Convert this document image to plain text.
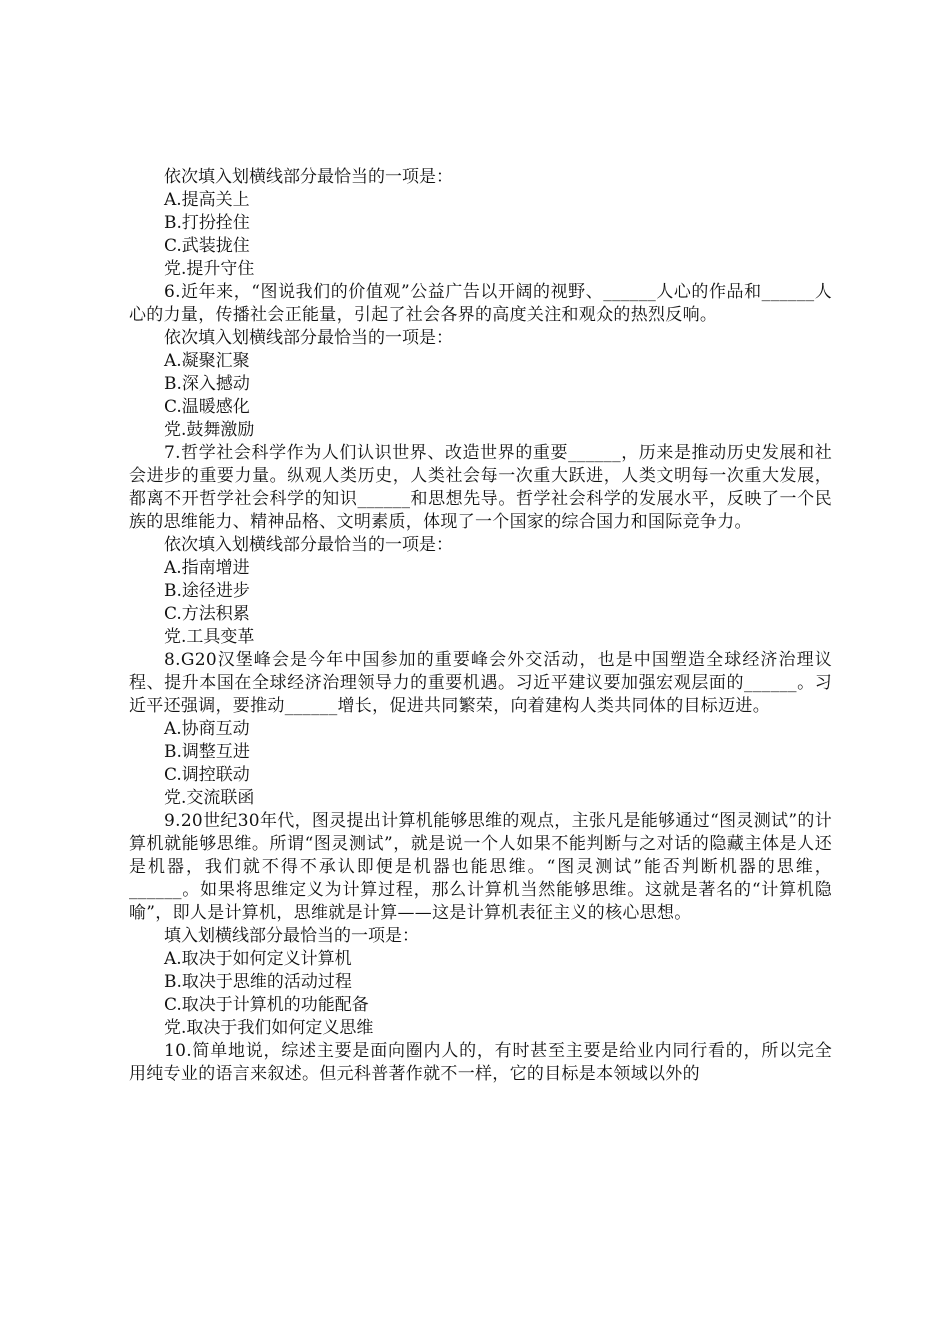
依次填入划横线部分最恰当的一项是：

A.提高关上

B.打扮拴住

C.武装拢住

党.提升守住

6.近年来，“图说我们的价值观”公益广告以开阔的视野、______人心的作品和______人心的力量，传播社会正能量，引起了社会各界的高度关注和观众的热烈反响。

依次填入划横线部分最恰当的一项是：

A.凝聚汇聚

B.深入撼动

C.温暖感化

党.鼓舞激励

7.哲学社会科学作为人们认识世界、改造世界的重要______，历来是推动历史发展和社会进步的重要力量。纵观人类历史，人类社会每一次重大跃进，人类文明每一次重大发展，都离不开哲学社会科学的知识______和思想先导。哲学社会科学的发展水平，反映了一个民族的思维能力、精神品格、文明素质，体现了一个国家的综合国力和国际竞争力。

依次填入划横线部分最恰当的一项是：

A.指南增进

B.途径进步

C.方法积累

党.工具变革

8.G20汉堡峰会是今年中国参加的重要峰会外交活动，也是中国塑造全球经济治理议程、提升本国在全球经济治理领导力的重要机遇。习近平建议要加强宏观层面的______。习近平还强调，要推动______增长，促进共同繁荣，向着建构人类共同体的目标迈进。

A.协商互动

B.调整互进

C.调控联动

党.交流联函

9.20世纪30年代，图灵提出计算机能够思维的观点，主张凡是能够通过“图灵测试”的计算机就能够思维。所谓“图灵测试”，就是说一个人如果不能判断与之对话的隐藏主体是人还是机器，我们就不得不承认即便是机器也能思维。“图灵测试”能否判断机器的思维，______。如果将思维定义为计算过程，那么计算机当然能够思维。这就是著名的“计算机隐喻”，即人是计算机，思维就是计算——这是计算机表征主义的核心思想。

填入划横线部分最恰当的一项是：

A.取决于如何定义计算机

B.取决于思维的活动过程

C.取决于计算机的功能配备

党.取决于我们如何定义思维

10.简单地说，综述主要是面向圈内人的，有时甚至主要是给业内同行看的，所以完全用纯专业的语言来叙述。但元科普著作就不一样，它的目标是本领域以外的
